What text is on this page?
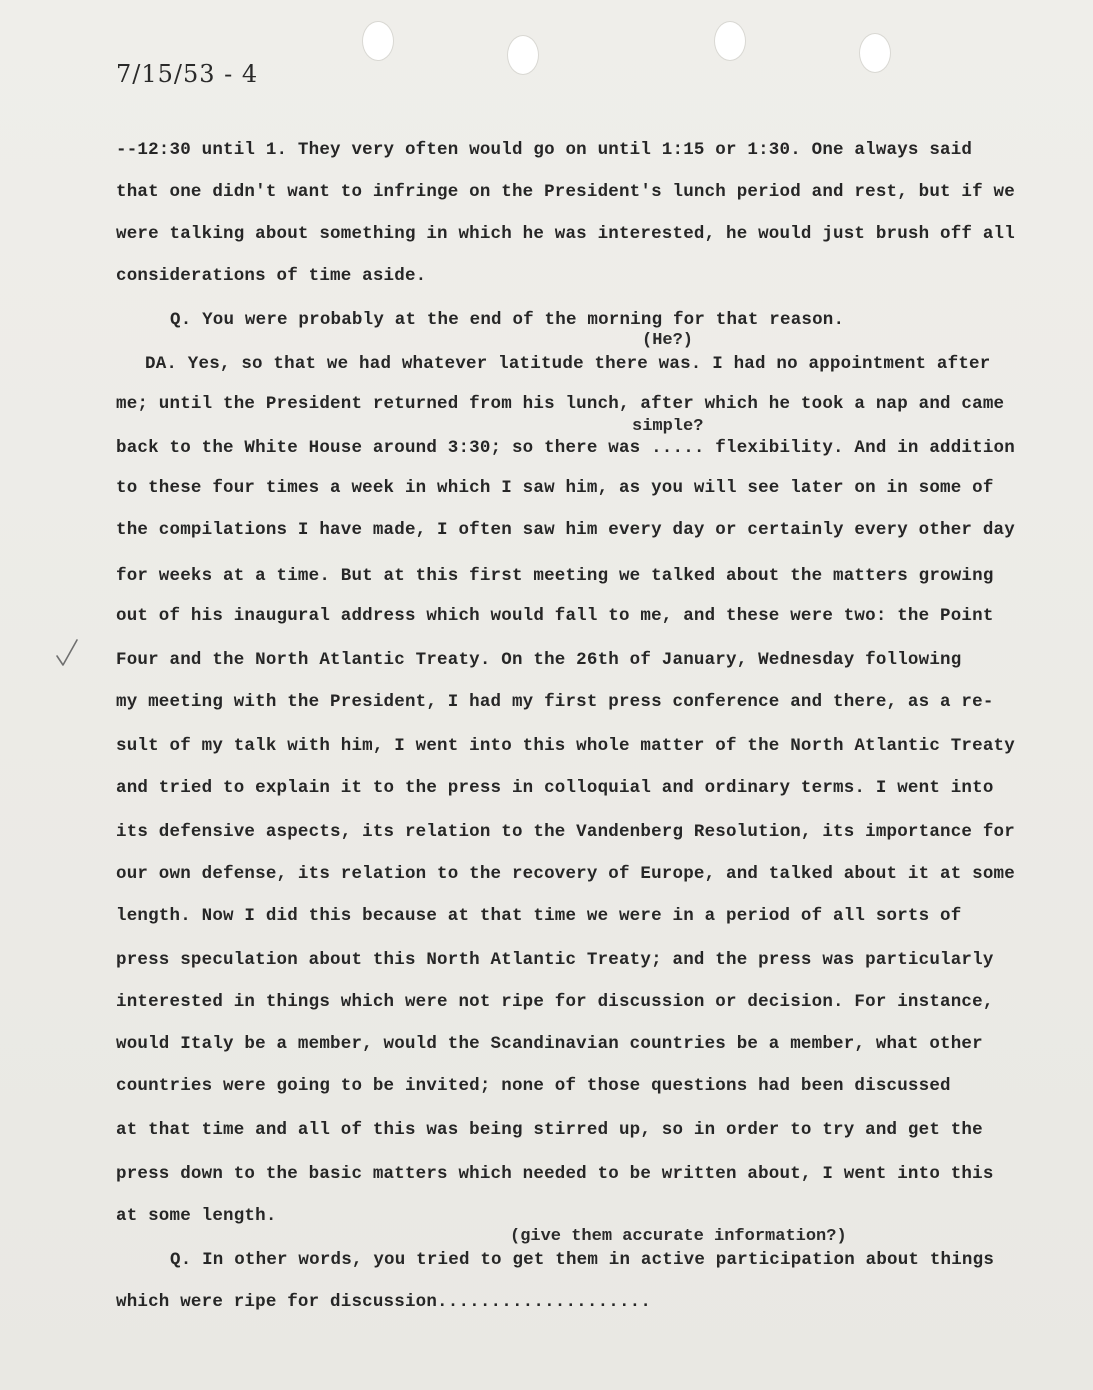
7/15/53 - 4
--12:30 until 1. They very often would go on until 1:15 or 1:30. One always said
that one didn't want to infringe on the President's lunch period and rest, but if we
were talking about something in which he was interested, he would just brush off all
considerations of time aside.
Q. You were probably at the end of the morning for that reason.
(He?)
DA. Yes, so that we had whatever latitude there was. I had no appointment after
me; until the President returned from his lunch, after which he took a nap and came
simple?
back to the White House around 3:30; so there was ..... flexibility. And in addition
to these four times a week in which I saw him, as you will see later on in some of
the compilations I have made, I often saw him every day or certainly every other day
for weeks at a time. But at this first meeting we talked about the matters growing
out of his inaugural address which would fall to me, and these were two: the Point
Four and the North Atlantic Treaty. On the 26th of January, Wednesday following
my meeting with the President, I had my first press conference and there, as a re-
sult of my talk with him, I went into this whole matter of the North Atlantic Treaty
and tried to explain it to the press in colloquial and ordinary terms. I went into
its defensive aspects, its relation to the Vandenberg Resolution, its importance for
our own defense, its relation to the recovery of Europe, and talked about it at some
length. Now I did this because at that time we were in a period of all sorts of
press speculation about this North Atlantic Treaty; and the press was particularly
interested in things which were not ripe for discussion or decision. For instance,
would Italy be a member, would the Scandinavian countries be a member, what other
countries were going to be invited; none of those questions had been discussed
at that time and all of this was being stirred up, so in order to try and get the
press down to the basic matters which needed to be written about, I went into this
at some length.
(give them accurate information?)
Q. In other words, you tried to get them in active participation about things
which were ripe for discussion....................
